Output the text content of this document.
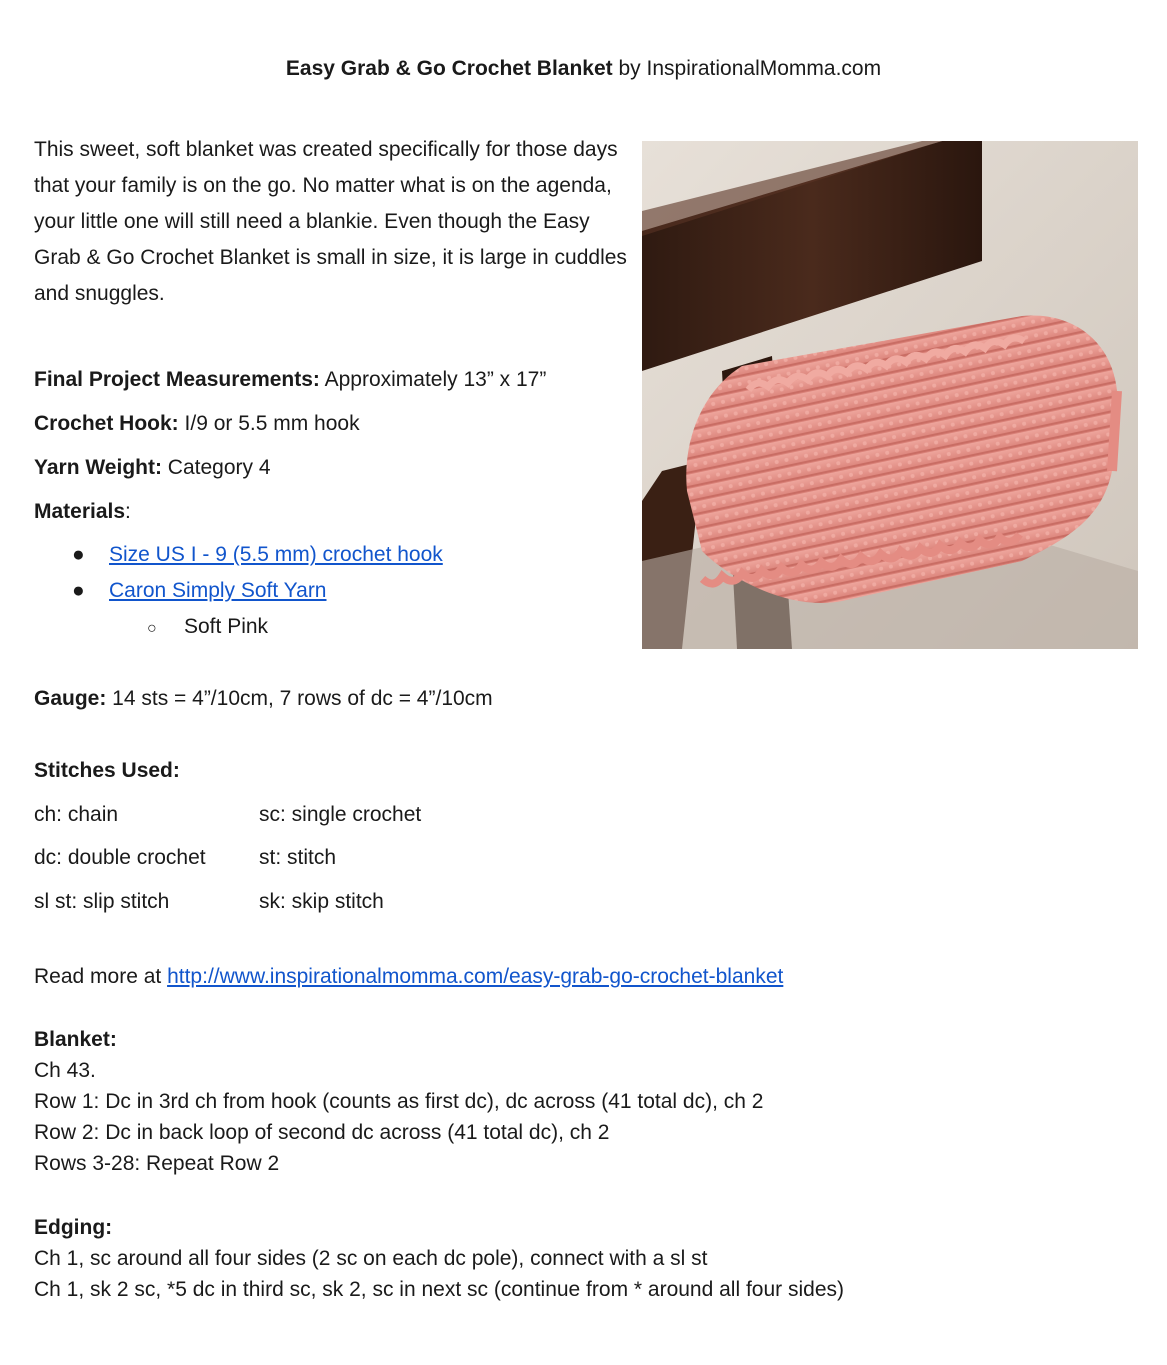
Easy Grab & Go Crochet Blanket by InspirationalMomma.com
This sweet, soft blanket was created specifically for those days that your family is on the go. No matter what is on the agenda, your little one will still need a blankie. Even though the Easy Grab & Go Crochet Blanket is small in size, it is large in cuddles and snuggles.
Final Project Measurements: Approximately 13” x 17”
Crochet Hook: I/9 or 5.5 mm hook
Yarn Weight: Category 4
Materials:
● Size US I - 9 (5.5 mm) crochet hook
● Caron Simply Soft Yarn
○ Soft Pink
Gauge: 14 sts = 4”/10cm, 7 rows of dc = 4”/10cm
Stitches Used:
ch: chain	sc: single crochet
dc: double crochet	st: stitch
sl st: slip stitch	sk: skip stitch
Read more at http://www.inspirationalmomma.com/easy-grab-go-crochet-blanket
Blanket:
Ch 43.
Row 1: Dc in 3rd ch from hook (counts as first dc), dc across (41 total dc), ch 2
Row 2: Dc in back loop of second dc across (41 total dc), ch 2
Rows 3-28: Repeat Row 2
Edging:
Ch 1, sc around all four sides (2 sc on each dc pole), connect with a sl st
Ch 1, sk 2 sc, *5 dc in third sc, sk 2, sc in next sc (continue from * around all four sides)
